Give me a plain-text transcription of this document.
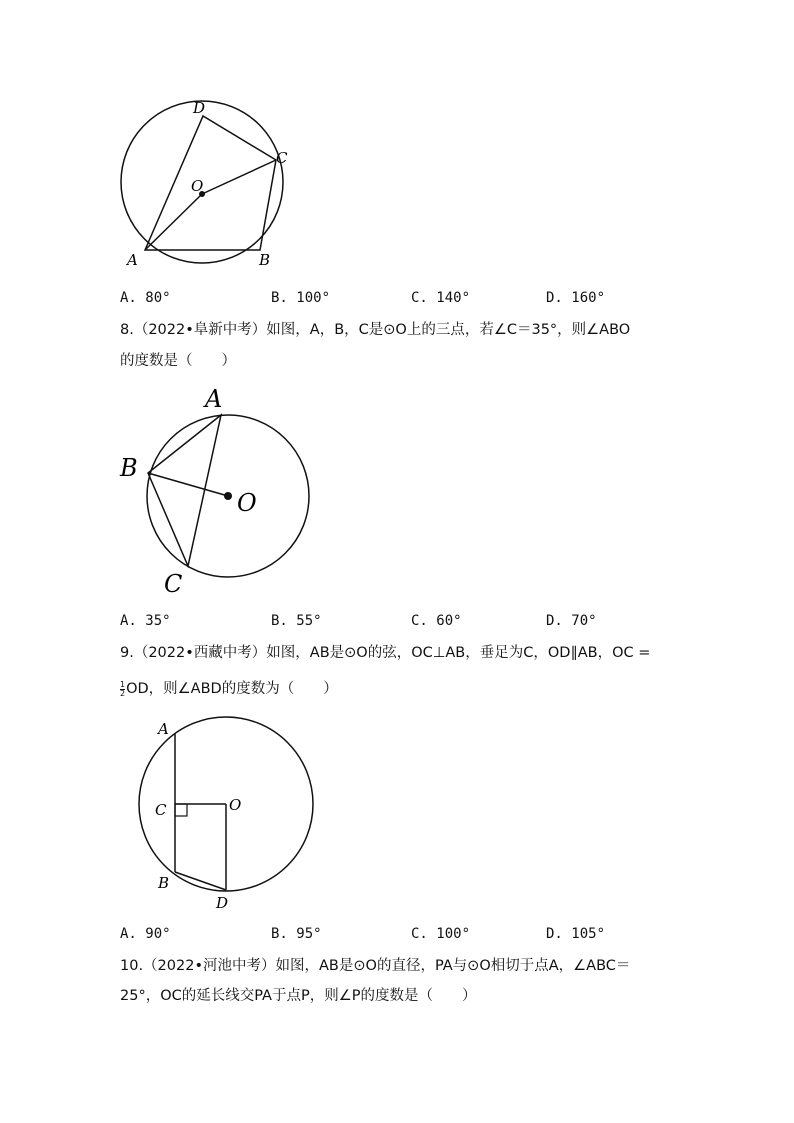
D
C
O
A	B
A. 80°	B. 100°	C. 140°	D. 160°
8.（2022•阜新中考）如图，A，B，C是⊙O上的三点，若∠C＝35°，则∠ABO
的度数是（　　）
A
B
C
O
A. 35°	B. 55°	C. 60°	D. 70°
9.（2022•西藏中考）如图，AB是⊙O的弦，OC⊥AB，垂足为C，OD∥AB，OC =
$\frac{1}{2}$ OD，则∠ABD的度数为（　　）
A
C	O
B
D
A. 90°	B. 95°	C. 100°	D. 105°
10.（2022•河池中考）如图，AB是⊙O的直径，PA与⊙O相切于点A，∠ABC＝
25°，OC的延长线交PA于点P，则∠P的度数是（　　）
